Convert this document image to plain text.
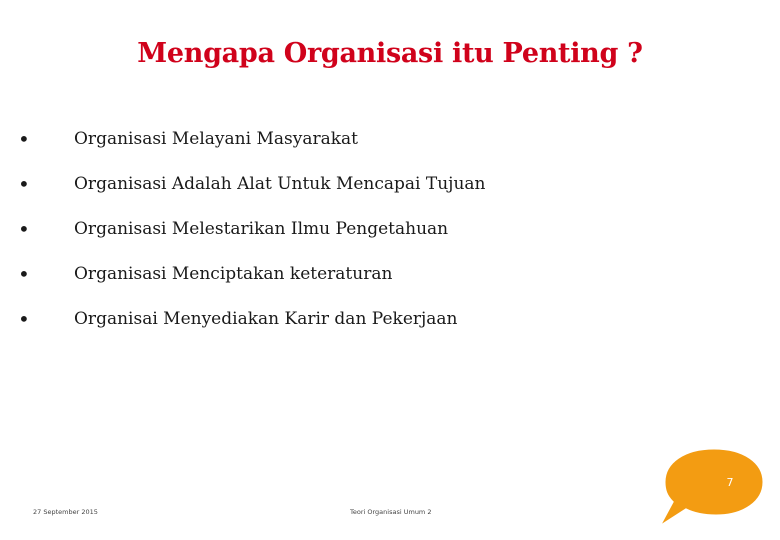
Mengapa Organisasi itu Penting ?
•	Organisasi Melayani Masyarakat
•	Organisasi Adalah Alat Untuk Mencapai Tujuan
•	Organisasi Melestarikan Ilmu Pengetahuan
•	Organisasi Menciptakan keteraturan
•	Organisai Menyediakan Karir dan Pekerjaan
27 September 2015	Teori Organisasi Umum 2
7
